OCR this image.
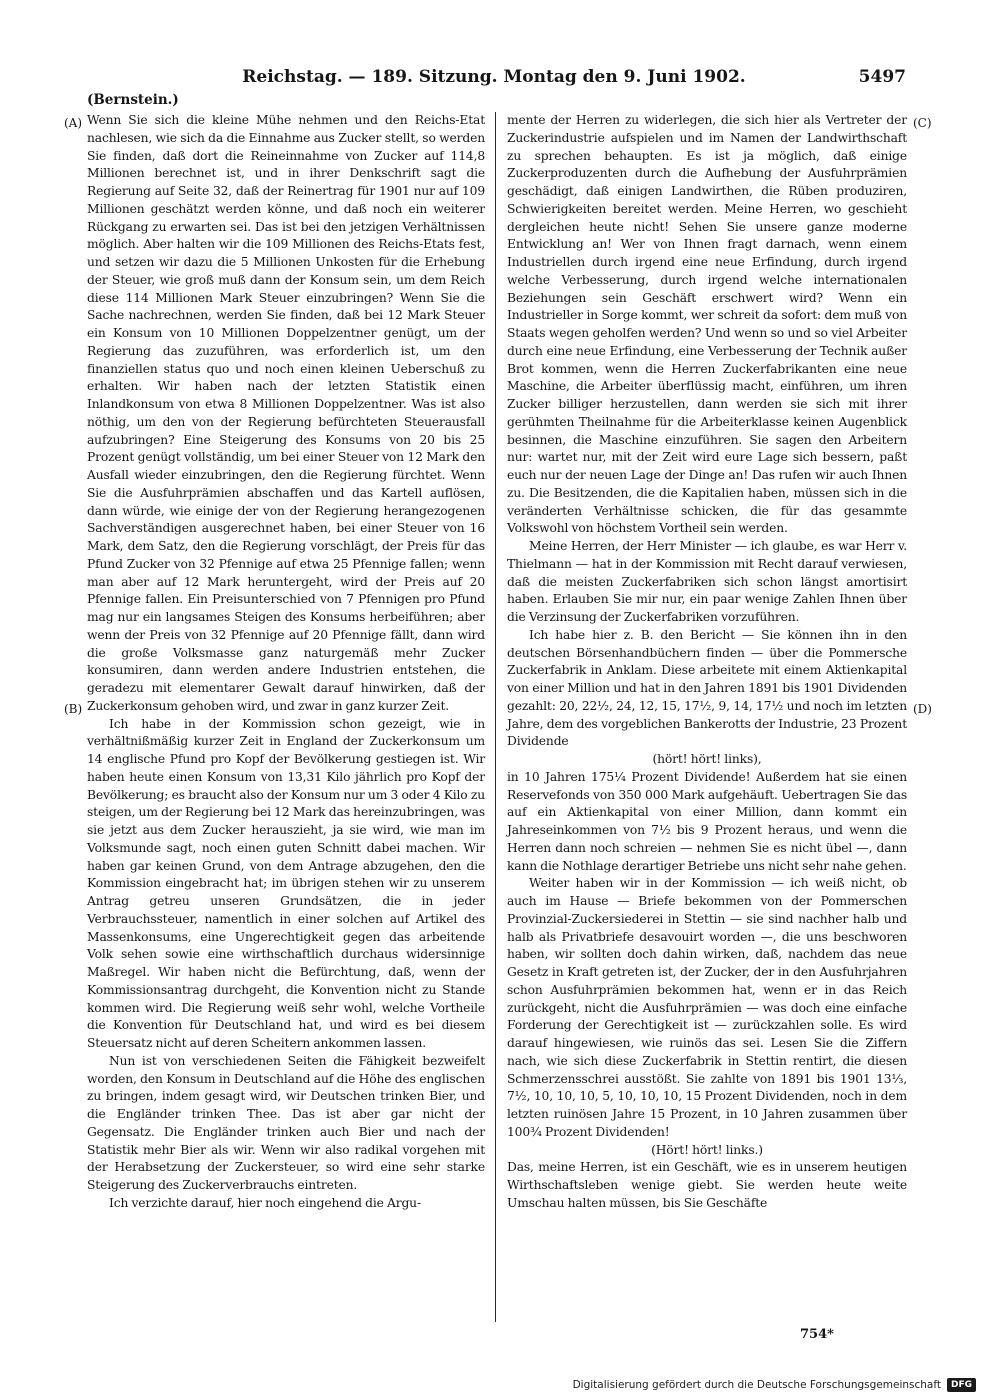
Reichstag. — 189. Sitzung. Montag den 9. Juni 1902.	5497
(Bernstein.)
(A)
(B)
(C)
(D)

Wenn Sie sich die kleine Mühe nehmen und den Reichs-Etat nachlesen, wie sich da die Einnahme aus Zucker stellt, so werden Sie finden, daß dort die Reineinnahme von Zucker auf 114,8 Millionen berechnet ist, und in ihrer Denkschrift sagt die Regierung auf Seite 32, daß der Reinertrag für 1901 nur auf 109 Millionen geschätzt werden könne, und daß noch ein weiterer Rückgang zu erwarten sei. Das ist bei den jetzigen Verhältnissen möglich. Aber halten wir die 109 Millionen des Reichs-Etats fest, und setzen wir dazu die 5 Millionen Unkosten für die Erhebung der Steuer, wie groß muß dann der Konsum sein, um dem Reich diese 114 Millionen Mark Steuer einzubringen? Wenn Sie die Sache nachrechnen, werden Sie finden, daß bei 12 Mark Steuer ein Konsum von 10 Millionen Doppelzentner genügt, um der Regierung das zuzuführen, was erforderlich ist, um den finanziellen status quo und noch einen kleinen Ueberschuß zu erhalten. Wir haben nach der letzten Statistik einen Inlandkonsum von etwa 8 Millionen Doppelzentner. Was ist also nöthig, um den von der Regierung befürchteten Steuerausfall aufzubringen? Eine Steigerung des Konsums von 20 bis 25 Prozent genügt vollständig, um bei einer Steuer von 12 Mark den Ausfall wieder einzubringen, den die Regierung fürchtet. Wenn Sie die Ausfuhrprämien abschaffen und das Kartell auflösen, dann würde, wie einige der von der Regierung herangezogenen Sachverständigen ausgerechnet haben, bei einer Steuer von 16 Mark, dem Satz, den die Regierung vorschlägt, der Preis für das Pfund Zucker von 32 Pfennige auf etwa 25 Pfennige fallen; wenn man aber auf 12 Mark heruntergeht, wird der Preis auf 20 Pfennige fallen. Ein Preisunterschied von 7 Pfennigen pro Pfund mag nur ein langsames Steigen des Konsums herbeiführen; aber wenn der Preis von 32 Pfennige auf 20 Pfennige fällt, dann wird die große Volksmasse ganz naturgemäß mehr Zucker konsumiren, dann werden andere Industrien entstehen, die geradezu mit elementarer Gewalt darauf hinwirken, daß der Zuckerkonsum gehoben wird, und zwar in ganz kurzer Zeit.

Ich habe in der Kommission schon gezeigt, wie in verhältnißmäßig kurzer Zeit in England der Zuckerkonsum um 14 englische Pfund pro Kopf der Bevölkerung gestiegen ist. Wir haben heute einen Konsum von 13,31 Kilo jährlich pro Kopf der Bevölkerung; es braucht also der Konsum nur um 3 oder 4 Kilo zu steigen, um der Regierung bei 12 Mark das hereinzubringen, was sie jetzt aus dem Zucker herauszieht, ja sie wird, wie man im Volksmunde sagt, noch einen guten Schnitt dabei machen. Wir haben gar keinen Grund, von dem Antrage abzugehen, den die Kommission eingebracht hat; im übrigen stehen wir zu unserem Antrag getreu unseren Grundsätzen, die in jeder Verbrauchssteuer, namentlich in einer solchen auf Artikel des Massenkonsums, eine Ungerechtigkeit gegen das arbeitende Volk sehen sowie eine wirthschaftlich durchaus widersinnige Maßregel. Wir haben nicht die Befürchtung, daß, wenn der Kommissionsantrag durchgeht, die Konvention nicht zu Stande kommen wird. Die Regierung weiß sehr wohl, welche Vortheile die Konvention für Deutschland hat, und wird es bei diesem Steuersatz nicht auf deren Scheitern ankommen lassen.

Nun ist von verschiedenen Seiten die Fähigkeit bezweifelt worden, den Konsum in Deutschland auf die Höhe des englischen zu bringen, indem gesagt wird, wir Deutschen trinken Bier, und die Engländer trinken Thee. Das ist aber gar nicht der Gegensatz. Die Engländer trinken auch Bier und nach der Statistik mehr Bier als wir. Wenn wir also radikal vorgehen mit der Herabsetzung der Zuckersteuer, so wird eine sehr starke Steigerung des Zuckerverbrauchs eintreten.

Ich verzichte darauf, hier noch eingehend die Argu-

mente der Herren zu widerlegen, die sich hier als Vertreter der Zuckerindustrie aufspielen und im Namen der Landwirthschaft zu sprechen behaupten. Es ist ja möglich, daß einige Zuckerproduzenten durch die Aufhebung der Ausfuhrprämien geschädigt, daß einigen Landwirthen, die Rüben produziren, Schwierigkeiten bereitet werden. Meine Herren, wo geschieht dergleichen heute nicht! Sehen Sie unsere ganze moderne Entwicklung an! Wer von Ihnen fragt darnach, wenn einem Industriellen durch irgend eine neue Erfindung, durch irgend welche Verbesserung, durch irgend welche internationalen Beziehungen sein Geschäft erschwert wird? Wenn ein Industrieller in Sorge kommt, wer schreit da sofort: dem muß von Staats wegen geholfen werden? Und wenn so und so viel Arbeiter durch eine neue Erfindung, eine Verbesserung der Technik außer Brot kommen, wenn die Herren Zuckerfabrikanten eine neue Maschine, die Arbeiter überflüssig macht, einführen, um ihren Zucker billiger herzustellen, dann werden sie sich mit ihrer gerühmten Theilnahme für die Arbeiterklasse keinen Augenblick besinnen, die Maschine einzuführen. Sie sagen den Arbeitern nur: wartet nur, mit der Zeit wird eure Lage sich bessern, paßt euch nur der neuen Lage der Dinge an! Das rufen wir auch Ihnen zu. Die Besitzenden, die die Kapitalien haben, müssen sich in die veränderten Verhältnisse schicken, die für das gesammte Volkswohl von höchstem Vortheil sein werden.

Meine Herren, der Herr Minister — ich glaube, es war Herr v. Thielmann — hat in der Kommission mit Recht darauf verwiesen, daß die meisten Zuckerfabriken sich schon längst amortisirt haben. Erlauben Sie mir nur, ein paar wenige Zahlen Ihnen über die Verzinsung der Zuckerfabriken vorzuführen.

Ich habe hier z. B. den Bericht — Sie können ihn in den deutschen Börsenhandbüchern finden — über die Pommersche Zuckerfabrik in Anklam. Diese arbeitete mit einem Aktienkapital von einer Million und hat in den Jahren 1891 bis 1901 Dividenden gezahlt: 20, 22½, 24, 12, 15, 17½, 9, 14, 17½ und noch im letzten Jahre, dem des vorgeblichen Bankerotts der Industrie, 23 Prozent Dividende

(hört! hört! links),

in 10 Jahren 175¼ Prozent Dividende! Außerdem hat sie einen Reservefonds von 350 000 Mark aufgehäuft. Uebertragen Sie das auf ein Aktienkapital von einer Million, dann kommt ein Jahreseinkommen von 7½ bis 9 Prozent heraus, und wenn die Herren dann noch schreien — nehmen Sie es nicht übel —, dann kann die Nothlage derartiger Betriebe uns nicht sehr nahe gehen.

Weiter haben wir in der Kommission — ich weiß nicht, ob auch im Hause — Briefe bekommen von der Pommerschen Provinzial-Zuckersiederei in Stettin — sie sind nachher halb und halb als Privatbriefe desavouirt worden —, die uns beschworen haben, wir sollten doch dahin wirken, daß, nachdem das neue Gesetz in Kraft getreten ist, der Zucker, der in den Ausfuhrjahren schon Ausfuhrprämien bekommen hat, wenn er in das Reich zurückgeht, nicht die Ausfuhrprämien — was doch eine einfache Forderung der Gerechtigkeit ist — zurückzahlen solle. Es wird darauf hingewiesen, wie ruinös das sei. Lesen Sie die Ziffern nach, wie sich diese Zuckerfabrik in Stettin rentirt, die diesen Schmerzensschrei ausstößt. Sie zahlte von 1891 bis 1901 13⅓, 7½, 10, 10, 10, 5, 10, 10, 10, 15 Prozent Dividenden, noch in dem letzten ruinösen Jahre 15 Prozent, in 10 Jahren zusammen über 100¾ Prozent Dividenden!

(Hört! hört! links.)

Das, meine Herren, ist ein Geschäft, wie es in unserem heutigen Wirthschaftsleben wenige giebt. Sie werden heute weite Umschau halten müssen, bis Sie Geschäfte

754*
Digitalisierung gefördert durch die Deutsche Forschungsgemeinschaft	DFG
